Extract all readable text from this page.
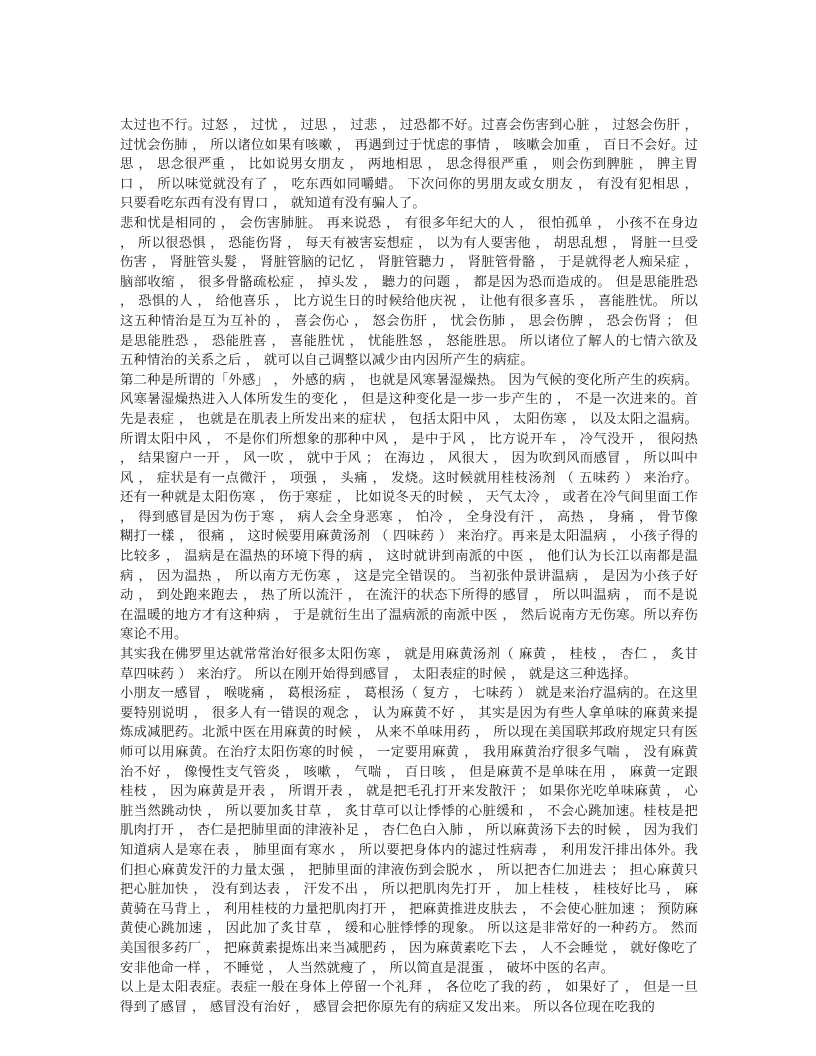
太过也不行。过怒 ， 过忧 ， 过思 ， 过悲 ， 过恐都不好。过喜会伤害到心脏 ， 过怒会伤肝 ， 过忧会伤肺 ， 所以诸位如果有咳嗽 ， 再遇到过于忧虑的事情 ， 咳嗽会加重 ， 百日不会好。过思 ， 思念很严重 ， 比如说男女朋友 ， 两地相思 ， 思念得很严重 ， 则会伤到脾脏 ， 脾主胃口 ， 所以味觉就没有了 ， 吃东西如同嚼蜡。 下次问你的男朋友或女朋友 ， 有没有犯相思 ， 只要看吃东西有没有胃口 ， 就知道有没有骗人了。

悲和忧是相同的 ， 会伤害肺脏。 再来说恐 ， 有很多年纪大的人 ， 很怕孤单 ， 小孩不在身边 ， 所以很恐惧 ， 恐能伤肾 ， 每天有被害妄想症 ， 以为有人要害他 ， 胡思乱想 ， 肾脏一旦受伤害 ， 肾脏管头髮 ， 肾脏管脑的记忆 ， 肾脏管聽力 ， 肾脏管骨骼 ， 于是就得老人痴呆症 ， 脑部收缩 ， 很多骨骼疏松症 ， 掉头发 ， 聽力的问题 ， 都是因为恐而造成的。 但是思能胜恐 ， 恐惧的人 ， 给他喜乐 ， 比方说生日的时候给他庆祝 ， 让他有很多喜乐 ， 喜能胜忧。 所以这五种情治是互为互补的 ， 喜会伤心 ， 怒会伤肝 ， 忧会伤肺 ， 思会伤脾 ， 恐会伤肾 ； 但是思能胜恐 ， 恐能胜喜 ， 喜能胜忧 ， 忧能胜怒 ， 怒能胜思。 所以诸位了解人的七情六欲及五种情治的关系之后 ， 就可以自己调整以减少由内因所产生的病症。

第二种是所谓的「外感」 ， 外感的病 ， 也就是风寒暑湿燥热。 因为气候的变化所产生的疾病。风寒暑湿燥热进入人体所发生的变化 ， 但是这种变化是一步一步产生的 ， 不是一次进来的。首先是表症 ， 也就是在肌表上所发出来的症状 ， 包括太阳中风 ， 太阳伤寒 ， 以及太阳之温病。 所谓太阳中风 ， 不是你们所想象的那种中风 ， 是中于风 ， 比方说开车 ， 冷气没开 ， 很闷热 ， 结果窗户一开 ， 风一吹 ， 就中于风 ； 在海边 ， 风很大 ， 因为吹到风而感冒 ， 所以叫中风 ， 症状是有一点微汗 ， 项强 ， 头痛 ， 发烧。这时候就用桂枝汤剂 （ 五味药 ） 来治疗。 还有一种就是太阳伤寒 ， 伤于寒症 ， 比如说冬天的时候 ， 天气太冷 ， 或者在冷气间里面工作 ， 得到感冒是因为伤于寒 ， 病人会全身恶寒 ， 怕冷 ， 全身没有汗 ， 高热 ， 身痛 ， 骨节像糊打一樣 ， 很痛 ， 这时候要用麻黄汤剂 （ 四味药 ） 来治疗。再来是太阳温病 ， 小孩子得的比较多 ， 温病是在温热的环境下得的病 ， 这时就讲到南派的中医 ， 他们认为长江以南都是温病 ， 因为温热 ， 所以南方无伤寒 ， 这是完全错误的。 当初张仲景讲温病 ， 是因为小孩子好动 ， 到处跑来跑去 ， 热了所以流汗 ， 在流汗的状态下所得的感冒 ， 所以叫温病 ， 而不是说在温暖的地方才有这种病 ， 于是就衍生出了温病派的南派中医 ， 然后说南方无伤寒。所以弃伤寒论不用。

其实我在佛罗里达就常常治好很多太阳伤寒 ， 就是用麻黄汤剂（ 麻黄 ， 桂枝 ， 杏仁 ， 炙甘草四味药 ） 来治疗。 所以在刚开始得到感冒 ， 太阳表症的时候 ， 就是这三种选择。

小朋友一感冒 ， 喉咙痛 ， 葛根汤症 ， 葛根汤（ 复方 ， 七味药 ） 就是来治疗温病的。在这里要特别说明 ， 很多人有一错误的观念 ， 认为麻黄不好 ， 其实是因为有些人拿单味的麻黄来提炼成减肥药。北派中医在用麻黄的时候 ， 从来不单味用药 ， 所以现在美国联邦政府规定只有医师可以用麻黄。在治疗太阳伤寒的时候 ， 一定要用麻黄 ， 我用麻黄治疗很多气喘 ， 没有麻黄治不好 ， 像慢性支气管炎 ， 咳嗽 ， 气喘 ， 百日咳 ， 但是麻黄不是单味在用 ， 麻黄一定跟桂枝 ， 因为麻黄是开表 ， 所谓开表 ， 就是把毛孔打开来发散汗 ； 如果你光吃单味麻黄 ， 心脏当然跳动快 ， 所以要加炙甘草 ， 炙甘草可以让悸悸的心脏缓和 ， 不会心跳加速。桂枝是把肌肉打开 ， 杏仁是把肺里面的津液补足 ， 杏仁色白入肺 ， 所以麻黄汤下去的时候 ， 因为我们知道病人是寒在表 ， 肺里面有寒水 ， 所以要把身体内的滤过性病毒 ， 利用发汗排出体外。我们担心麻黄发汗的力量太强 ， 把肺里面的津液伤到会脱水 ， 所以把杏仁加进去 ； 担心麻黄只把心脏加快 ， 没有到达表 ， 汗发不出 ， 所以把肌肉先打开 ， 加上桂枝 ， 桂枝好比马 ， 麻黄骑在马背上 ， 利用桂枝的力量把肌肉打开 ， 把麻黄推进皮肤去 ， 不会使心脏加速 ； 预防麻黄使心跳加速 ， 因此加了炙甘草 ， 缓和心脏悸悸的现象。 所以这是非常好的一种药方。 然而美国很多药厂 ， 把麻黄素提炼出来当减肥药 ， 因为麻黄素吃下去 ， 人不会睡觉 ， 就好像吃了安非他命一样 ， 不睡觉 ， 人当然就瘦了 ， 所以简直是混蛋 ， 破坏中医的名声。

以上是太阳表症。表症一般在身体上停留一个礼拜 ， 各位吃了我的药 ， 如果好了 ， 但是一旦得到了感冒 ， 感冒没有治好 ， 感冒会把你原先有的病症又发出来。 所以各位现在吃我的
